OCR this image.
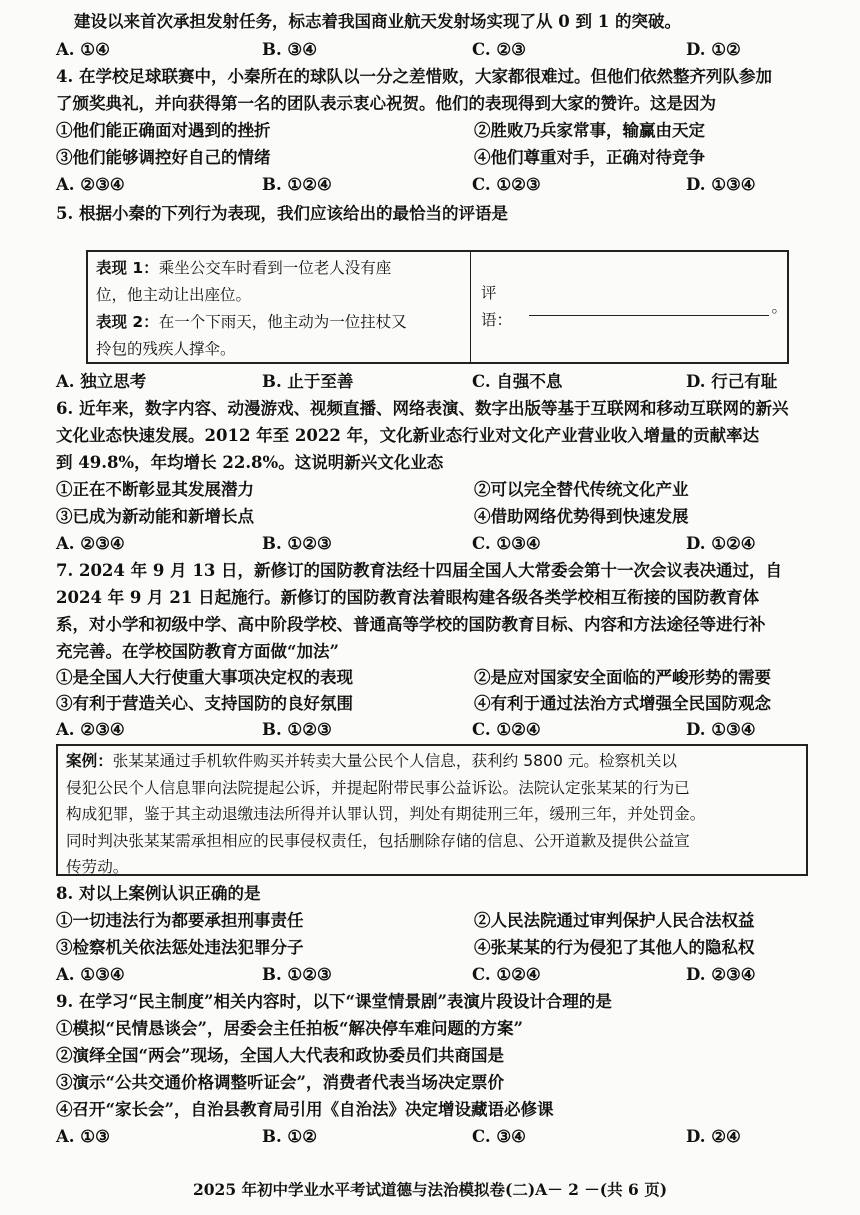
建设以来首次承担发射任务，标志着我国商业航天发射场实现了从 0 到 1 的突破。
A. ①④	B. ③④	C. ②③	D. ①②
4. 在学校足球联赛中，小秦所在的球队以一分之差惜败，大家都很难过。但他们依然整齐列队参加
了颁奖典礼，并向获得第一名的团队表示衷心祝贺。他们的表现得到大家的赞许。这是因为
①他们能正确面对遇到的挫折	②胜败乃兵家常事，输赢由天定
③他们能够调控好自己的情绪	④他们尊重对手，正确对待竞争
A. ②③④	B. ①②④	C. ①②③	D. ①③④
5. 根据小秦的下列行为表现，我们应该给出的最恰当的评语是
表现 1：乘坐公交车时看到一位老人没有座
位，他主动让出座位。
表现 2：在一个下雨天，他主动为一位拄杖又
拎包的残疾人撑伞。
评语：
。
A. 独立思考	B. 止于至善	C. 自强不息	D. 行己有耻
6. 近年来，数字内容、动漫游戏、视频直播、网络表演、数字出版等基于互联网和移动互联网的新兴
文化业态快速发展。2012 年至 2022 年，文化新业态行业对文化产业营业收入增量的贡献率达
到 49.8%，年均增长 22.8%。这说明新兴文化业态
①正在不断彰显其发展潜力	②可以完全替代传统文化产业
③已成为新动能和新增长点	④借助网络优势得到快速发展
A. ②③④	B. ①②③	C. ①③④	D. ①②④
7. 2024 年 9 月 13 日，新修订的国防教育法经十四届全国人大常委会第十一次会议表决通过，自
2024 年 9 月 21 日起施行。新修订的国防教育法着眼构建各级各类学校相互衔接的国防教育体
系，对小学和初级中学、高中阶段学校、普通高等学校的国防教育目标、内容和方法途径等进行补
充完善。在学校国防教育方面做“加法”
①是全国人大行使重大事项决定权的表现	②是应对国家安全面临的严峻形势的需要
③有利于营造关心、支持国防的良好氛围	④有利于通过法治方式增强全民国防观念
A. ②③④	B. ①②③	C. ①②④	D. ①③④
案例：张某某通过手机软件购买并转卖大量公民个人信息，获利约 5800 元。检察机关以
侵犯公民个人信息罪向法院提起公诉，并提起附带民事公益诉讼。法院认定张某某的行为已
构成犯罪，鉴于其主动退缴违法所得并认罪认罚，判处有期徒刑三年，缓刑三年，并处罚金。
同时判决张某某需承担相应的民事侵权责任，包括删除存储的信息、公开道歉及提供公益宣
传劳动。
8. 对以上案例认识正确的是
①一切违法行为都要承担刑事责任	②人民法院通过审判保护人民合法权益
③检察机关依法惩处违法犯罪分子	④张某某的行为侵犯了其他人的隐私权
A. ①③④	B. ①②③	C. ①②④	D. ②③④
9. 在学习“民主制度”相关内容时，以下“课堂情景剧”表演片段设计合理的是
①模拟“民情恳谈会”，居委会主任拍板“解决停车难问题的方案”
②演绎全国“两会”现场，全国人大代表和政协委员们共商国是
③演示“公共交通价格调整听证会”，消费者代表当场决定票价
④召开“家长会”，自治县教育局引用《自治法》决定增设藏语必修课
A. ①③	B. ①②	C. ③④	D. ②④
2025 年初中学业水平考试道德与法治模拟卷(二)A－ 2 －(共 6 页)
